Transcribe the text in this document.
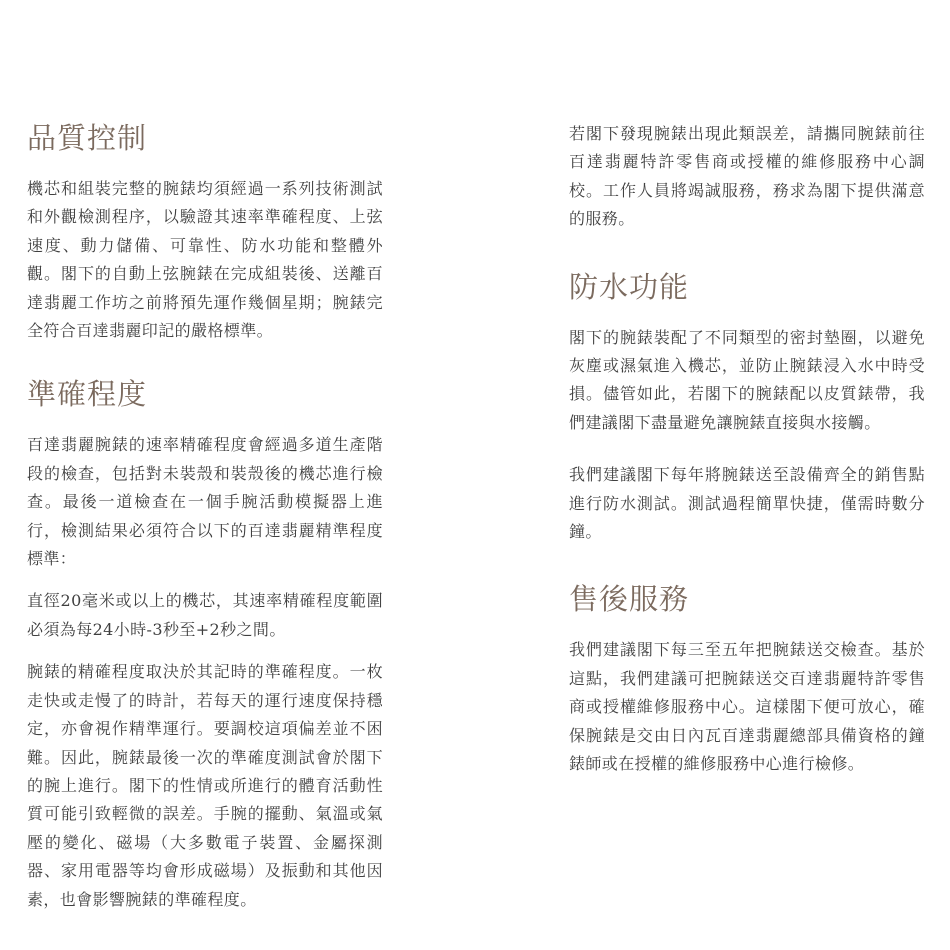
品質控制

機芯和組裝完整的腕錶均須經過一系列技術測試和外觀檢測程序，以驗證其速率準確程度、上弦速度、動力儲備、可靠性、防水功能和整體外觀。閣下的自動上弦腕錶在完成組裝後、送離百達翡麗工作坊之前將預先運作幾個星期；腕錶完全符合百達翡麗印記的嚴格標準。

準確程度

百達翡麗腕錶的速率精確程度會經過多道生產階段的檢查，包括對未裝殼和裝殼後的機芯進行檢查。最後一道檢查在一個手腕活動模擬器上進行，檢測結果必須符合以下的百達翡麗精準程度標準：

直徑20毫米或以上的機芯，其速率精確程度範圍必須為每24小時-3秒至+2秒之間。

腕錶的精確程度取決於其記時的準確程度。一枚走快或走慢了的時計，若每天的運行速度保持穩定，亦會視作精準運行。要調校這項偏差並不困難。因此，腕錶最後一次的準確度測試會於閣下的腕上進行。閣下的性情或所進行的體育活動性質可能引致輕微的誤差。手腕的擺動、氣溫或氣壓的變化、磁場（大多數電子裝置、金屬探測器、家用電器等均會形成磁場）及振動和其他因素，也會影響腕錶的準確程度。

若閣下發現腕錶出現此類誤差，請攜同腕錶前往百達翡麗特許零售商或授權的維修服務中心調校。工作人員將竭誠服務，務求為閣下提供滿意的服務。

防水功能

閣下的腕錶裝配了不同類型的密封墊圈，以避免灰塵或濕氣進入機芯，並防止腕錶浸入水中時受損。儘管如此，若閣下的腕錶配以皮質錶帶，我們建議閣下盡量避免讓腕錶直接與水接觸。

我們建議閣下每年將腕錶送至設備齊全的銷售點進行防水測試。測試過程簡單快捷，僅需時數分鐘。

售後服務

我們建議閣下每三至五年把腕錶送交檢查。基於這點，我們建議可把腕錶送交百達翡麗特許零售商或授權維修服務中心。這樣閣下便可放心，確保腕錶是交由日內瓦百達翡麗總部具備資格的鐘錶師或在授權的維修服務中心進行檢修。
